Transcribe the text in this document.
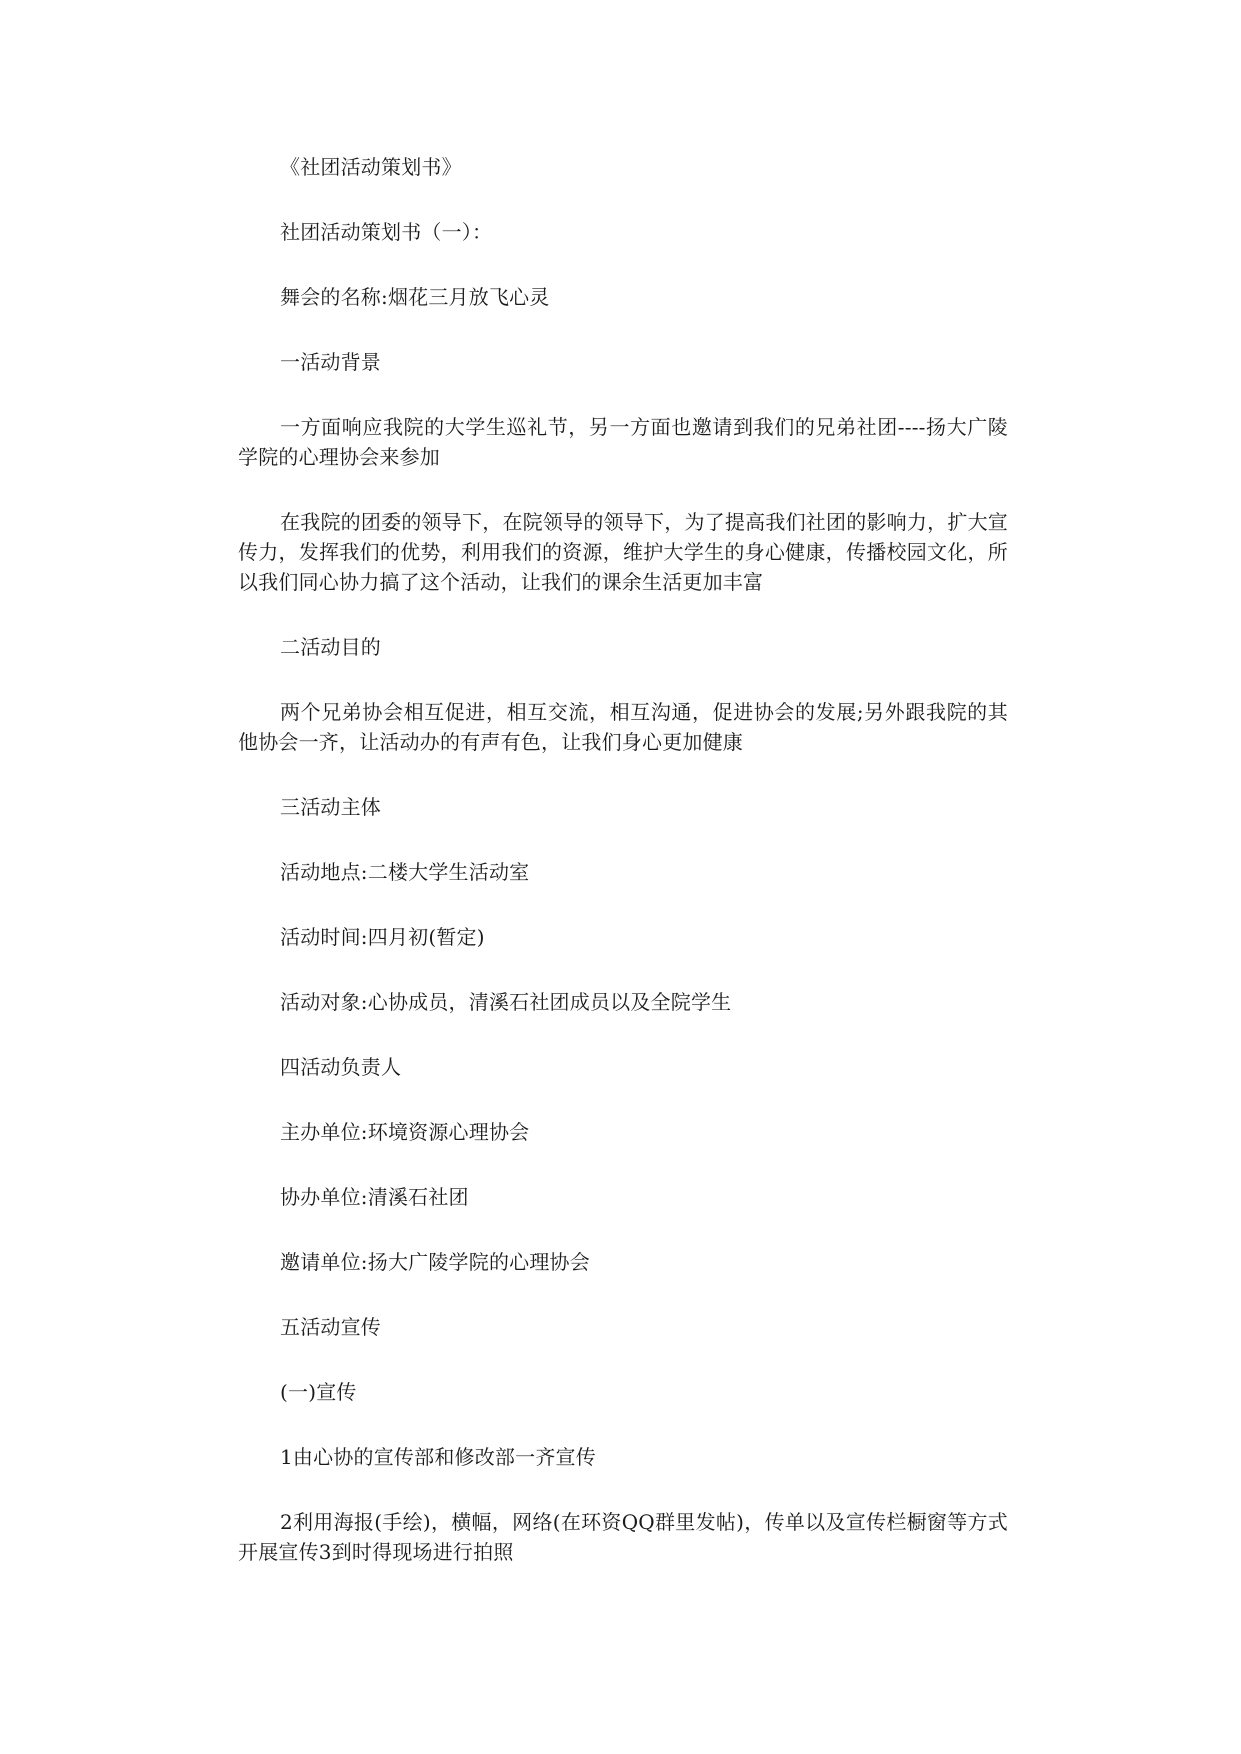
《社团活动策划书》

社团活动策划书（一）：

舞会的名称:烟花三月放飞心灵

一活动背景

一方面响应我院的大学生巡礼节，另一方面也邀请到我们的兄弟社团----扬大广陵学院的心理协会来参加

在我院的团委的领导下，在院领导的领导下，为了提高我们社团的影响力，扩大宣传力，发挥我们的优势，利用我们的资源，维护大学生的身心健康，传播校园文化，所以我们同心协力搞了这个活动，让我们的课余生活更加丰富

二活动目的

两个兄弟协会相互促进，相互交流，相互沟通，促进协会的发展;另外跟我院的其他协会一齐，让活动办的有声有色，让我们身心更加健康

三活动主体

活动地点:二楼大学生活动室

活动时间:四月初(暂定)

活动对象:心协成员，清溪石社团成员以及全院学生

四活动负责人

主办单位:环境资源心理协会

协办单位:清溪石社团

邀请单位:扬大广陵学院的心理协会

五活动宣传

(一)宣传

1由心协的宣传部和修改部一齐宣传

2利用海报(手绘)，横幅，网络(在环资QQ群里发帖)，传单以及宣传栏橱窗等方式开展宣传3到时得现场进行拍照
